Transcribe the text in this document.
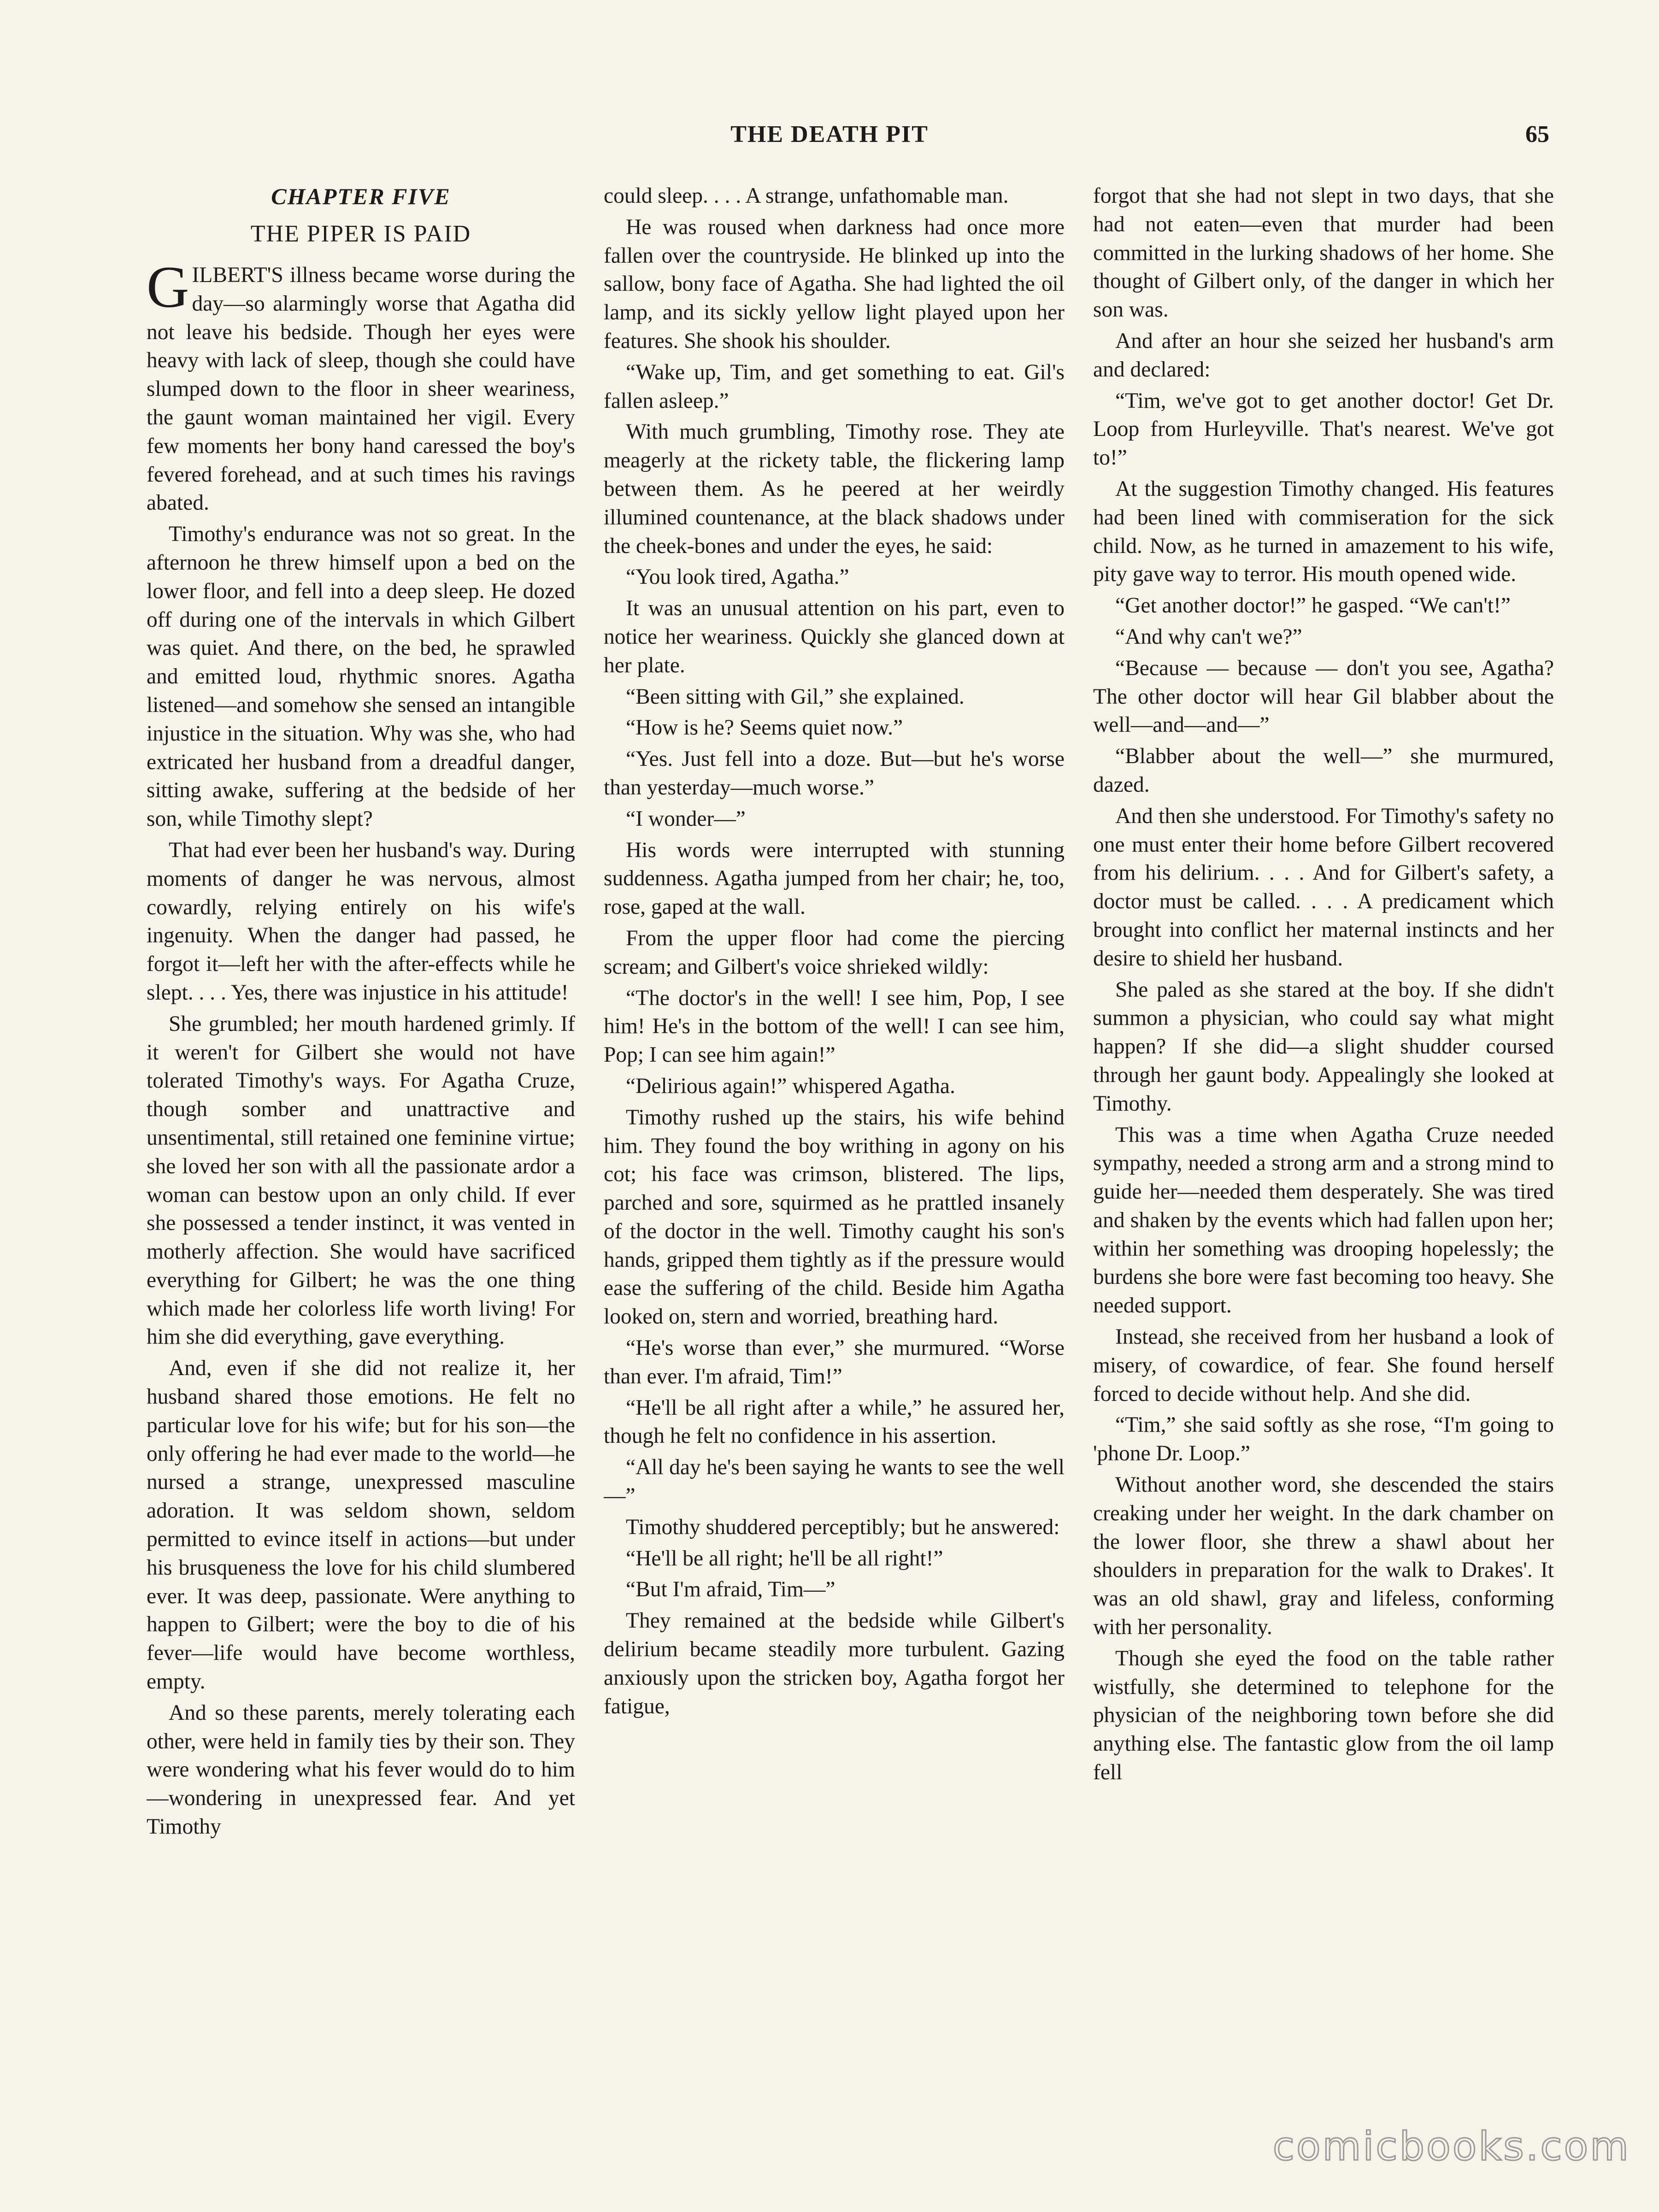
THE DEATH PIT	65
CHAPTER FIVE
THE PIPER IS PAID

GILBERT'S illness became worse during the day—so alarmingly worse that Agatha did not leave his bedside. Though her eyes were heavy with lack of sleep, though she could have slumped down to the floor in sheer weariness, the gaunt woman maintained her vigil. Every few moments her bony hand caressed the boy's fevered forehead, and at such times his ravings abated.

Timothy's endurance was not so great. In the afternoon he threw himself upon a bed on the lower floor, and fell into a deep sleep. He dozed off during one of the intervals in which Gilbert was quiet. And there, on the bed, he sprawled and emitted loud, rhythmic snores. Agatha listened—and somehow she sensed an intangible injustice in the situation. Why was she, who had extricated her husband from a dreadful danger, sitting awake, suffering at the bedside of her son, while Timothy slept?

That had ever been her husband's way. During moments of danger he was nervous, almost cowardly, relying entirely on his wife's ingenuity. When the danger had passed, he forgot it—left her with the after-effects while he slept. . . . Yes, there was injustice in his attitude!

She grumbled; her mouth hardened grimly. If it weren't for Gilbert she would not have tolerated Timothy's ways. For Agatha Cruze, though somber and unattractive and unsentimental, still retained one feminine virtue; she loved her son with all the passionate ardor a woman can bestow upon an only child. If ever she possessed a tender instinct, it was vented in motherly affection. She would have sacrificed everything for Gilbert; he was the one thing which made her colorless life worth living! For him she did everything, gave everything.

And, even if she did not realize it, her husband shared those emotions. He felt no particular love for his wife; but for his son—the only offering he had ever made to the world—he nursed a strange, unexpressed masculine adoration. It was seldom shown, seldom permitted to evince itself in actions—but under his brusqueness the love for his child slumbered ever. It was deep, passionate. Were anything to happen to Gilbert; were the boy to die of his fever—life would have become worthless, empty.

And so these parents, merely tolerating each other, were held in family ties by their son. They were wondering what his fever would do to him—wondering in unexpressed fear. And yet Timothy

could sleep. . . . A strange, unfathomable man.

He was roused when darkness had once more fallen over the countryside. He blinked up into the sallow, bony face of Agatha. She had lighted the oil lamp, and its sickly yellow light played upon her features. She shook his shoulder.

“Wake up, Tim, and get something to eat. Gil's fallen asleep.”

With much grumbling, Timothy rose. They ate meagerly at the rickety table, the flickering lamp between them. As he peered at her weirdly illumined countenance, at the black shadows under the cheek-bones and under the eyes, he said:

“You look tired, Agatha.”

It was an unusual attention on his part, even to notice her weariness. Quickly she glanced down at her plate.

“Been sitting with Gil,” she explained.

“How is he? Seems quiet now.”

“Yes. Just fell into a doze. But—but he's worse than yesterday—much worse.”

“I wonder—”

His words were interrupted with stunning suddenness. Agatha jumped from her chair; he, too, rose, gaped at the wall.

From the upper floor had come the piercing scream; and Gilbert's voice shrieked wildly:

“The doctor's in the well! I see him, Pop, I see him! He's in the bottom of the well! I can see him, Pop; I can see him again!”

“Delirious again!” whispered Agatha.

Timothy rushed up the stairs, his wife behind him. They found the boy writhing in agony on his cot; his face was crimson, blistered. The lips, parched and sore, squirmed as he prattled insanely of the doctor in the well. Timothy caught his son's hands, gripped them tightly as if the pressure would ease the suffering of the child. Beside him Agatha looked on, stern and worried, breathing hard.

“He's worse than ever,” she murmured. “Worse than ever. I'm afraid, Tim!”

“He'll be all right after a while,” he assured her, though he felt no confidence in his assertion.

“All day he's been saying he wants to see the well—”

Timothy shuddered perceptibly; but he answered:

“He'll be all right; he'll be all right!”

“But I'm afraid, Tim—”

They remained at the bedside while Gilbert's delirium became steadily more turbulent. Gazing anxiously upon the stricken boy, Agatha forgot her fatigue,

forgot that she had not slept in two days, that she had not eaten—even that murder had been committed in the lurking shadows of her home. She thought of Gilbert only, of the danger in which her son was.

And after an hour she seized her husband's arm and declared:

“Tim, we've got to get another doctor! Get Dr. Loop from Hurleyville. That's nearest. We've got to!”

At the suggestion Timothy changed. His features had been lined with commiseration for the sick child. Now, as he turned in amazement to his wife, pity gave way to terror. His mouth opened wide.

“Get another doctor!” he gasped. “We can't!”

“And why can't we?”

“Because — because — don't you see, Agatha? The other doctor will hear Gil blabber about the well—and—and—”

“Blabber about the well—” she murmured, dazed.

And then she understood. For Timothy's safety no one must enter their home before Gilbert recovered from his delirium. . . . And for Gilbert's safety, a doctor must be called. . . . A predicament which brought into conflict her maternal instincts and her desire to shield her husband.

She paled as she stared at the boy. If she didn't summon a physician, who could say what might happen? If she did—a slight shudder coursed through her gaunt body. Appealingly she looked at Timothy.

This was a time when Agatha Cruze needed sympathy, needed a strong arm and a strong mind to guide her—needed them desperately. She was tired and shaken by the events which had fallen upon her; within her something was drooping hopelessly; the burdens she bore were fast becoming too heavy. She needed support.

Instead, she received from her husband a look of misery, of cowardice, of fear. She found herself forced to decide without help. And she did.

“Tim,” she said softly as she rose, “I'm going to 'phone Dr. Loop.”

Without another word, she descended the stairs creaking under her weight. In the dark chamber on the lower floor, she threw a shawl about her shoulders in preparation for the walk to Drakes'. It was an old shawl, gray and lifeless, conforming with her personality.

Though she eyed the food on the table rather wistfully, she determined to telephone for the physician of the neighboring town before she did anything else. The fantastic glow from the oil lamp fell

comicbooks.com
